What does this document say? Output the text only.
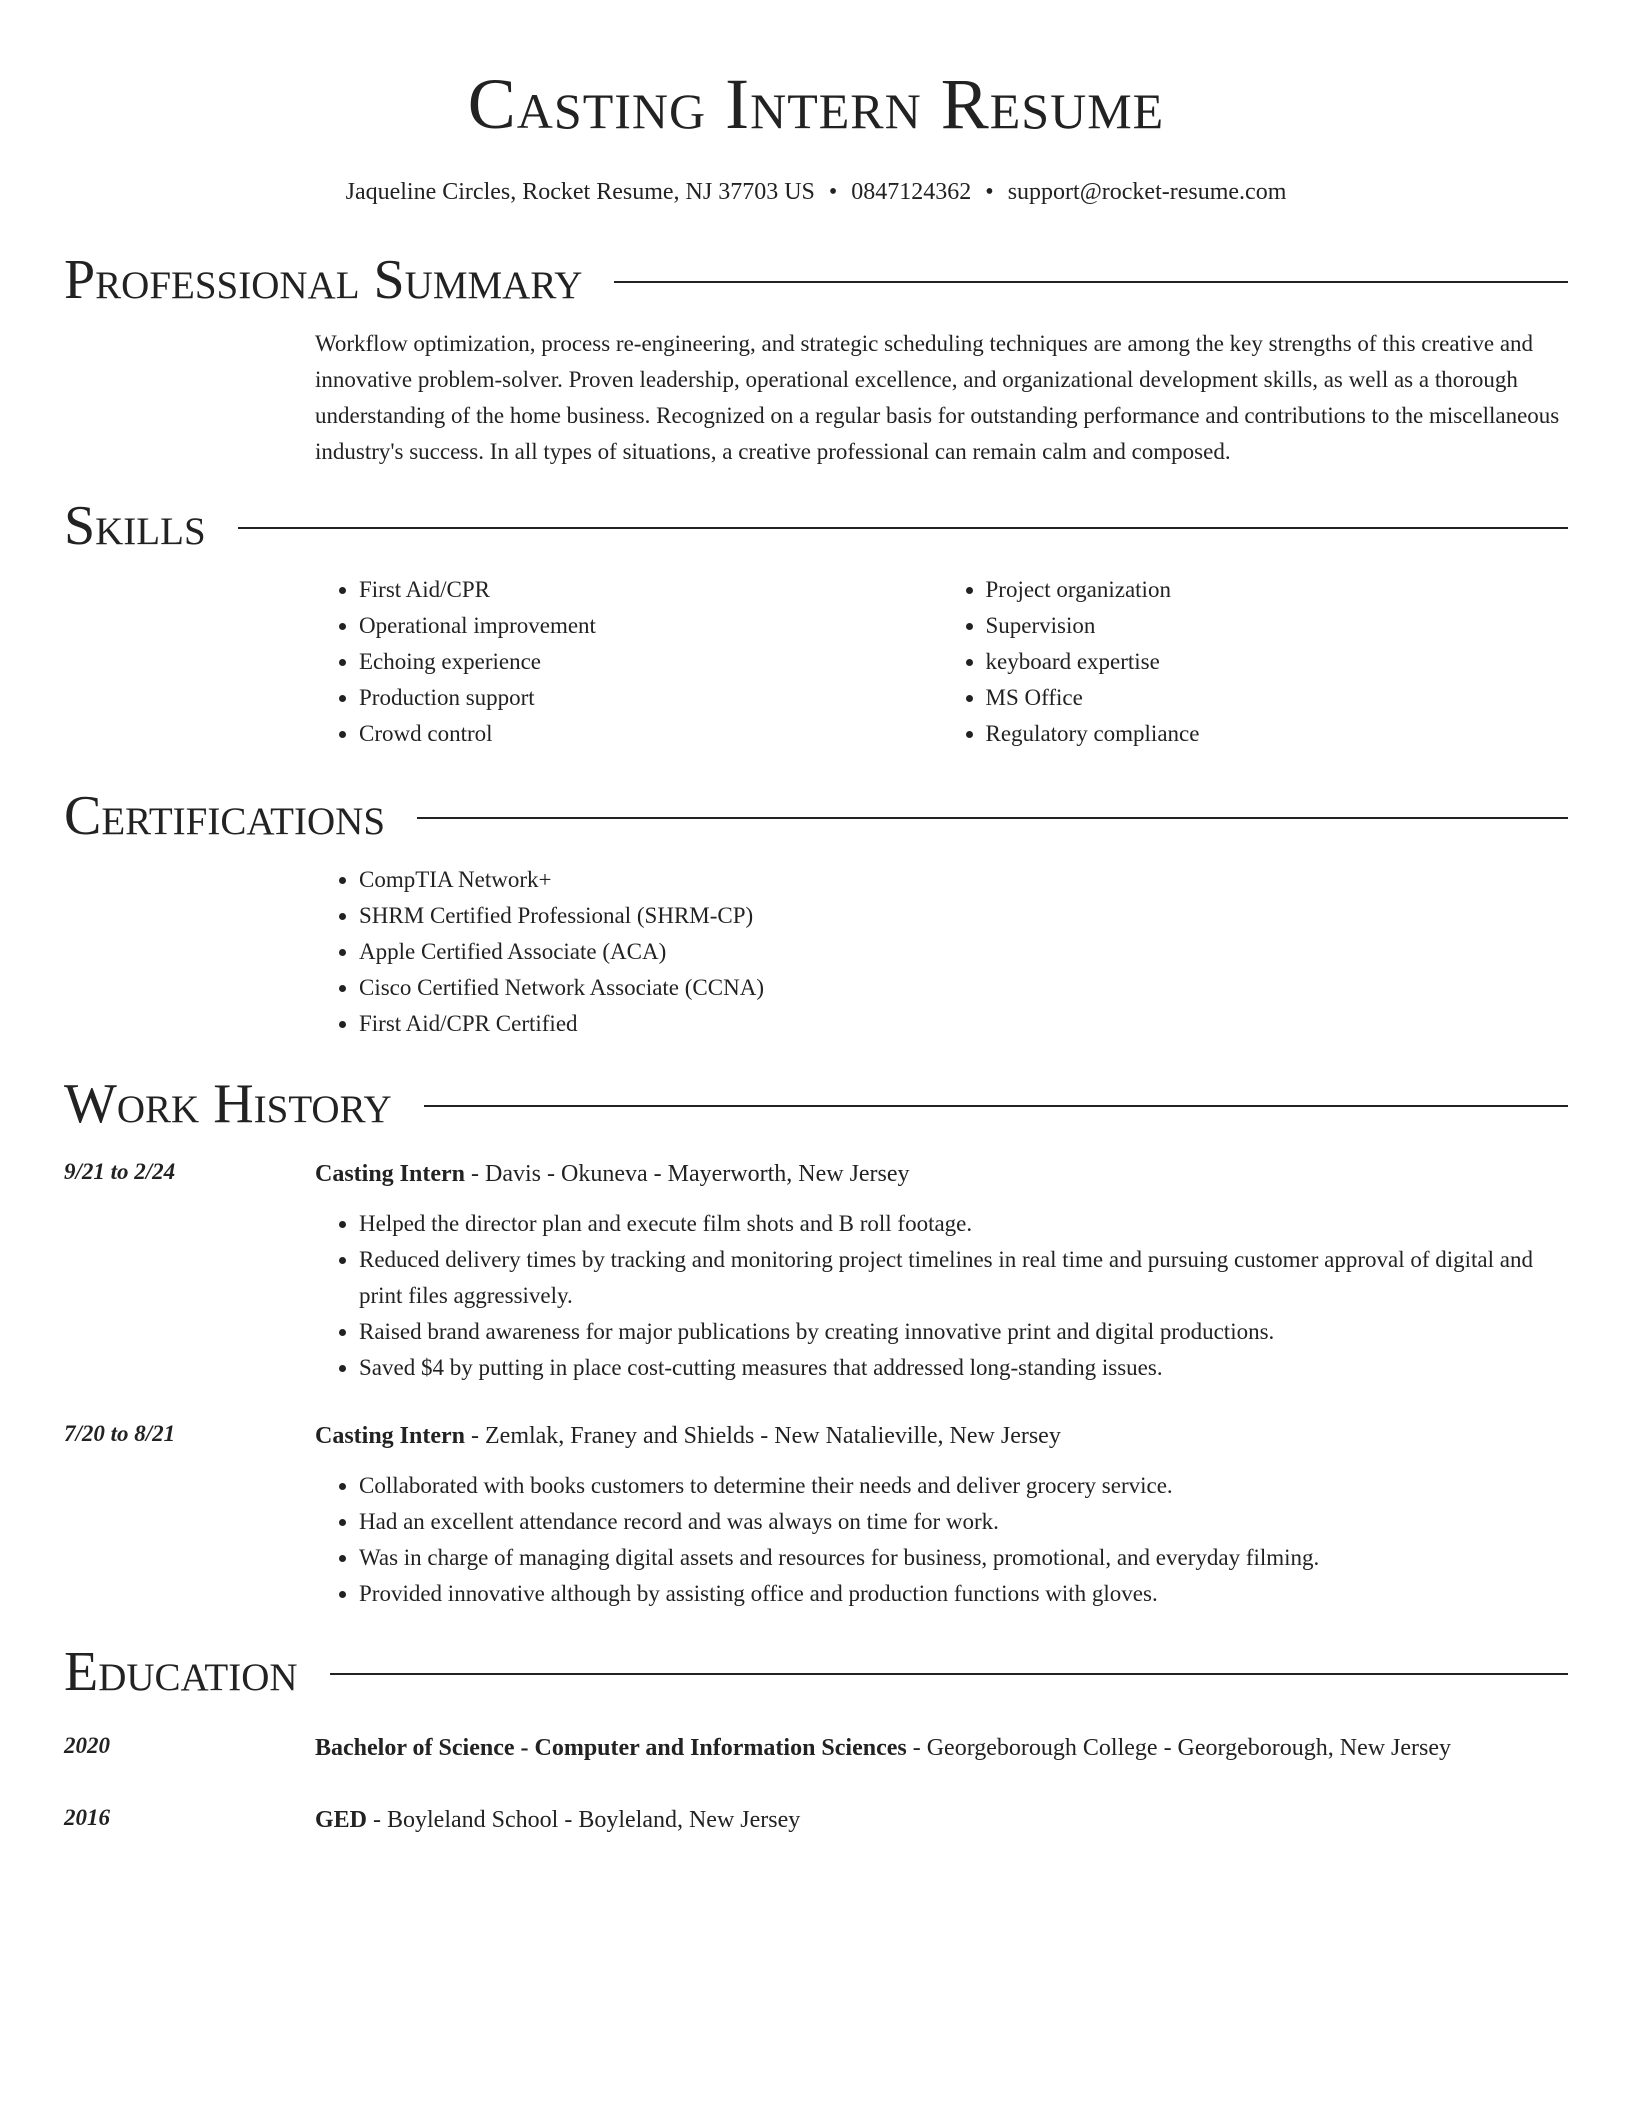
Casting Intern Resume
Jaqueline Circles, Rocket Resume, NJ 37703 US • 0847124362 • support@rocket-resume.com
Professional Summary
Workflow optimization, process re-engineering, and strategic scheduling techniques are among the key strengths of this creative and innovative problem-solver. Proven leadership, operational excellence, and organizational development skills, as well as a thorough understanding of the home business. Recognized on a regular basis for outstanding performance and contributions to the miscellaneous industry's success. In all types of situations, a creative professional can remain calm and composed.
Skills
• First Aid/CPR
• Operational improvement
• Echoing experience
• Production support
• Crowd control
• Project organization
• Supervision
• keyboard expertise
• MS Office
• Regulatory compliance
Certifications
• CompTIA Network+
• SHRM Certified Professional (SHRM-CP)
• Apple Certified Associate (ACA)
• Cisco Certified Network Associate (CCNA)
• First Aid/CPR Certified
Work History
9/21 to 2/24	Casting Intern - Davis - Okuneva - Mayerworth, New Jersey
• Helped the director plan and execute film shots and B roll footage.
• Reduced delivery times by tracking and monitoring project timelines in real time and pursuing customer approval of digital and print files aggressively.
• Raised brand awareness for major publications by creating innovative print and digital productions.
• Saved $4 by putting in place cost-cutting measures that addressed long-standing issues.
7/20 to 8/21	Casting Intern - Zemlak, Franey and Shields - New Natalieville, New Jersey
• Collaborated with books customers to determine their needs and deliver grocery service.
• Had an excellent attendance record and was always on time for work.
• Was in charge of managing digital assets and resources for business, promotional, and everyday filming.
• Provided innovative although by assisting office and production functions with gloves.
Education
2020	Bachelor of Science - Computer and Information Sciences - Georgeborough College - Georgeborough, New Jersey
2016	GED - Boyleland School - Boyleland, New Jersey
